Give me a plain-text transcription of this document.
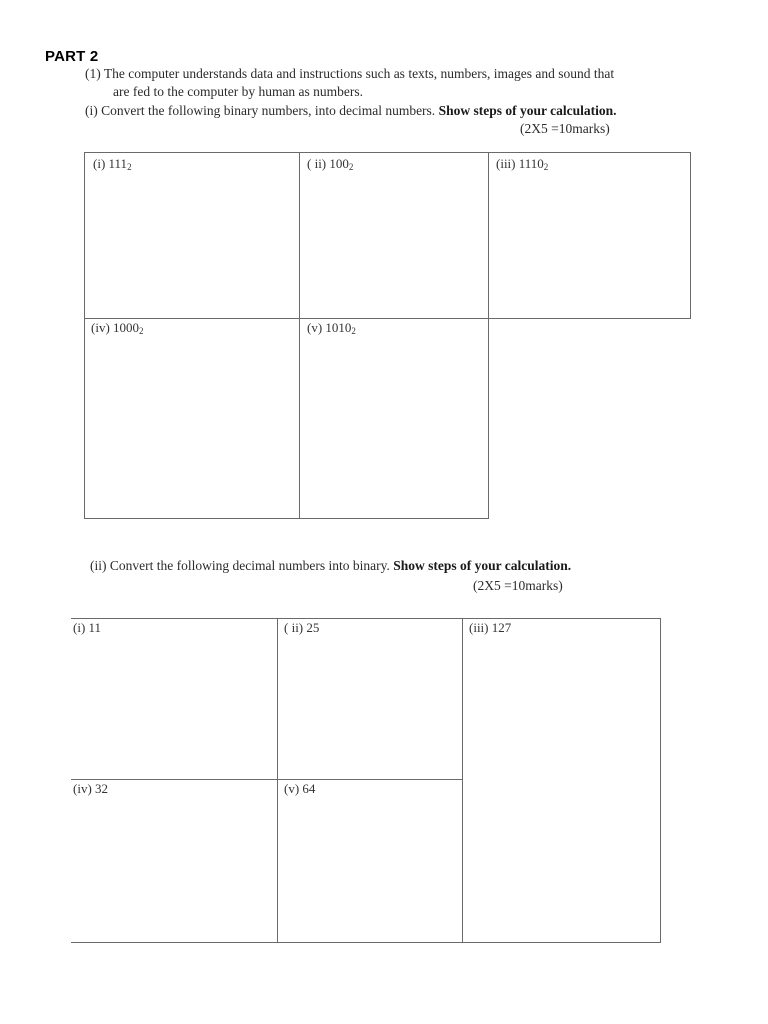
PART 2
(1) The computer understands data and instructions such as texts, numbers, images and sound that
are fed to the computer by human as numbers.
(i) Convert the following binary numbers, into decimal numbers. Show steps of your calculation.
(2X5 =10marks)
(i) $111_2$	( ii) $100_2$	(iii) $1110_2$
(iv) $1000_2$	(v) $1010_2$
(ii) Convert the following decimal numbers into binary. Show steps of your calculation.
(2X5 =10marks)
(i) 11	( ii) 25	(iii) 127
(iv) 32	(v) 64
